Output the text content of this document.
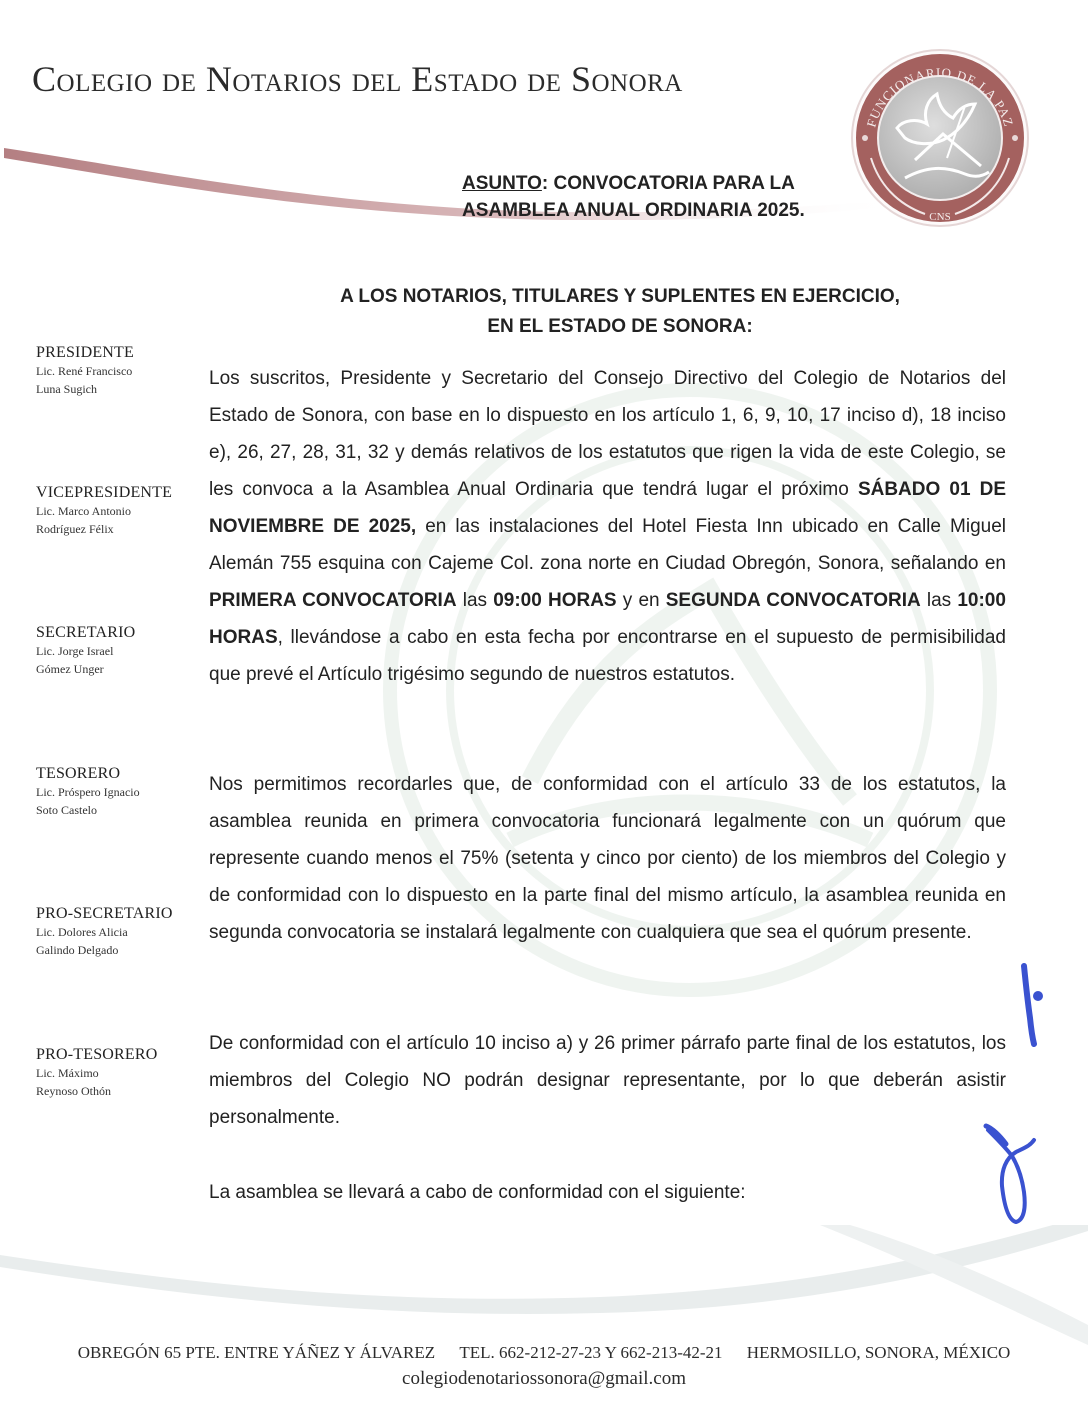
Colegio de Notarios del Estado de Sonora
FUNCIONARIO DE LA PAZ
CNS
ASUNTO: CONVOCATORIA PARA LA
ASAMBLEA ANUAL ORDINARIA 2025.
A LOS NOTARIOS, TITULARES Y SUPLENTES EN EJERCICIO,
EN EL ESTADO DE SONORA:
PRESIDENTE
Lic. René Francisco
Luna Sugich
VICEPRESIDENTE
Lic. Marco Antonio
Rodríguez Félix
SECRETARIO
Lic. Jorge Israel
Gómez Unger
TESORERO
Lic. Próspero Ignacio
Soto Castelo
PRO-SECRETARIO
Lic. Dolores Alicia
Galindo Delgado
PRO-TESORERO
Lic. Máximo
Reynoso Othón
Los suscritos, Presidente y Secretario del Consejo Directivo del Colegio de Notarios del Estado de Sonora, con base en lo dispuesto en los artículo 1, 6, 9, 10, 17 inciso d), 18 inciso e), 26, 27, 28, 31, 32 y demás relativos de los estatutos que rigen la vida de este Colegio, se les convoca a la Asamblea Anual Ordinaria que tendrá lugar el próximo SÁBADO 01 DE NOVIEMBRE DE 2025, en las instalaciones del Hotel Fiesta Inn ubicado en Calle Miguel Alemán 755 esquina con Cajeme Col. zona norte en Ciudad Obregón, Sonora, señalando en PRIMERA CONVOCATORIA las 09:00 HORAS y en SEGUNDA CONVOCATORIA las 10:00 HORAS, llevándose a cabo en esta fecha por encontrarse en el supuesto de permisibilidad que prevé el Artículo trigésimo segundo de nuestros estatutos.
Nos permitimos recordarles que, de conformidad con el artículo 33 de los estatutos, la asamblea reunida en primera convocatoria funcionará legalmente con un quórum que represente cuando menos el 75% (setenta y cinco por ciento) de los miembros del Colegio y de conformidad con lo dispuesto en la parte final del mismo artículo, la asamblea reunida en segunda convocatoria se instalará legalmente con cualquiera que sea el quórum presente.
De conformidad con el artículo 10 inciso a) y 26 primer párrafo parte final de los estatutos, los miembros del Colegio NO podrán designar representante, por lo que deberán asistir personalmente.
La asamblea se llevará a cabo de conformidad con el siguiente:
OBREGÓN 65 PTE. ENTRE YÁÑEZ Y ÁLVAREZ TEL. 662-212-27-23 Y 662-213-42-21 HERMOSILLO, SONORA, MÉXICO
colegiodenotariossonora@gmail.com
